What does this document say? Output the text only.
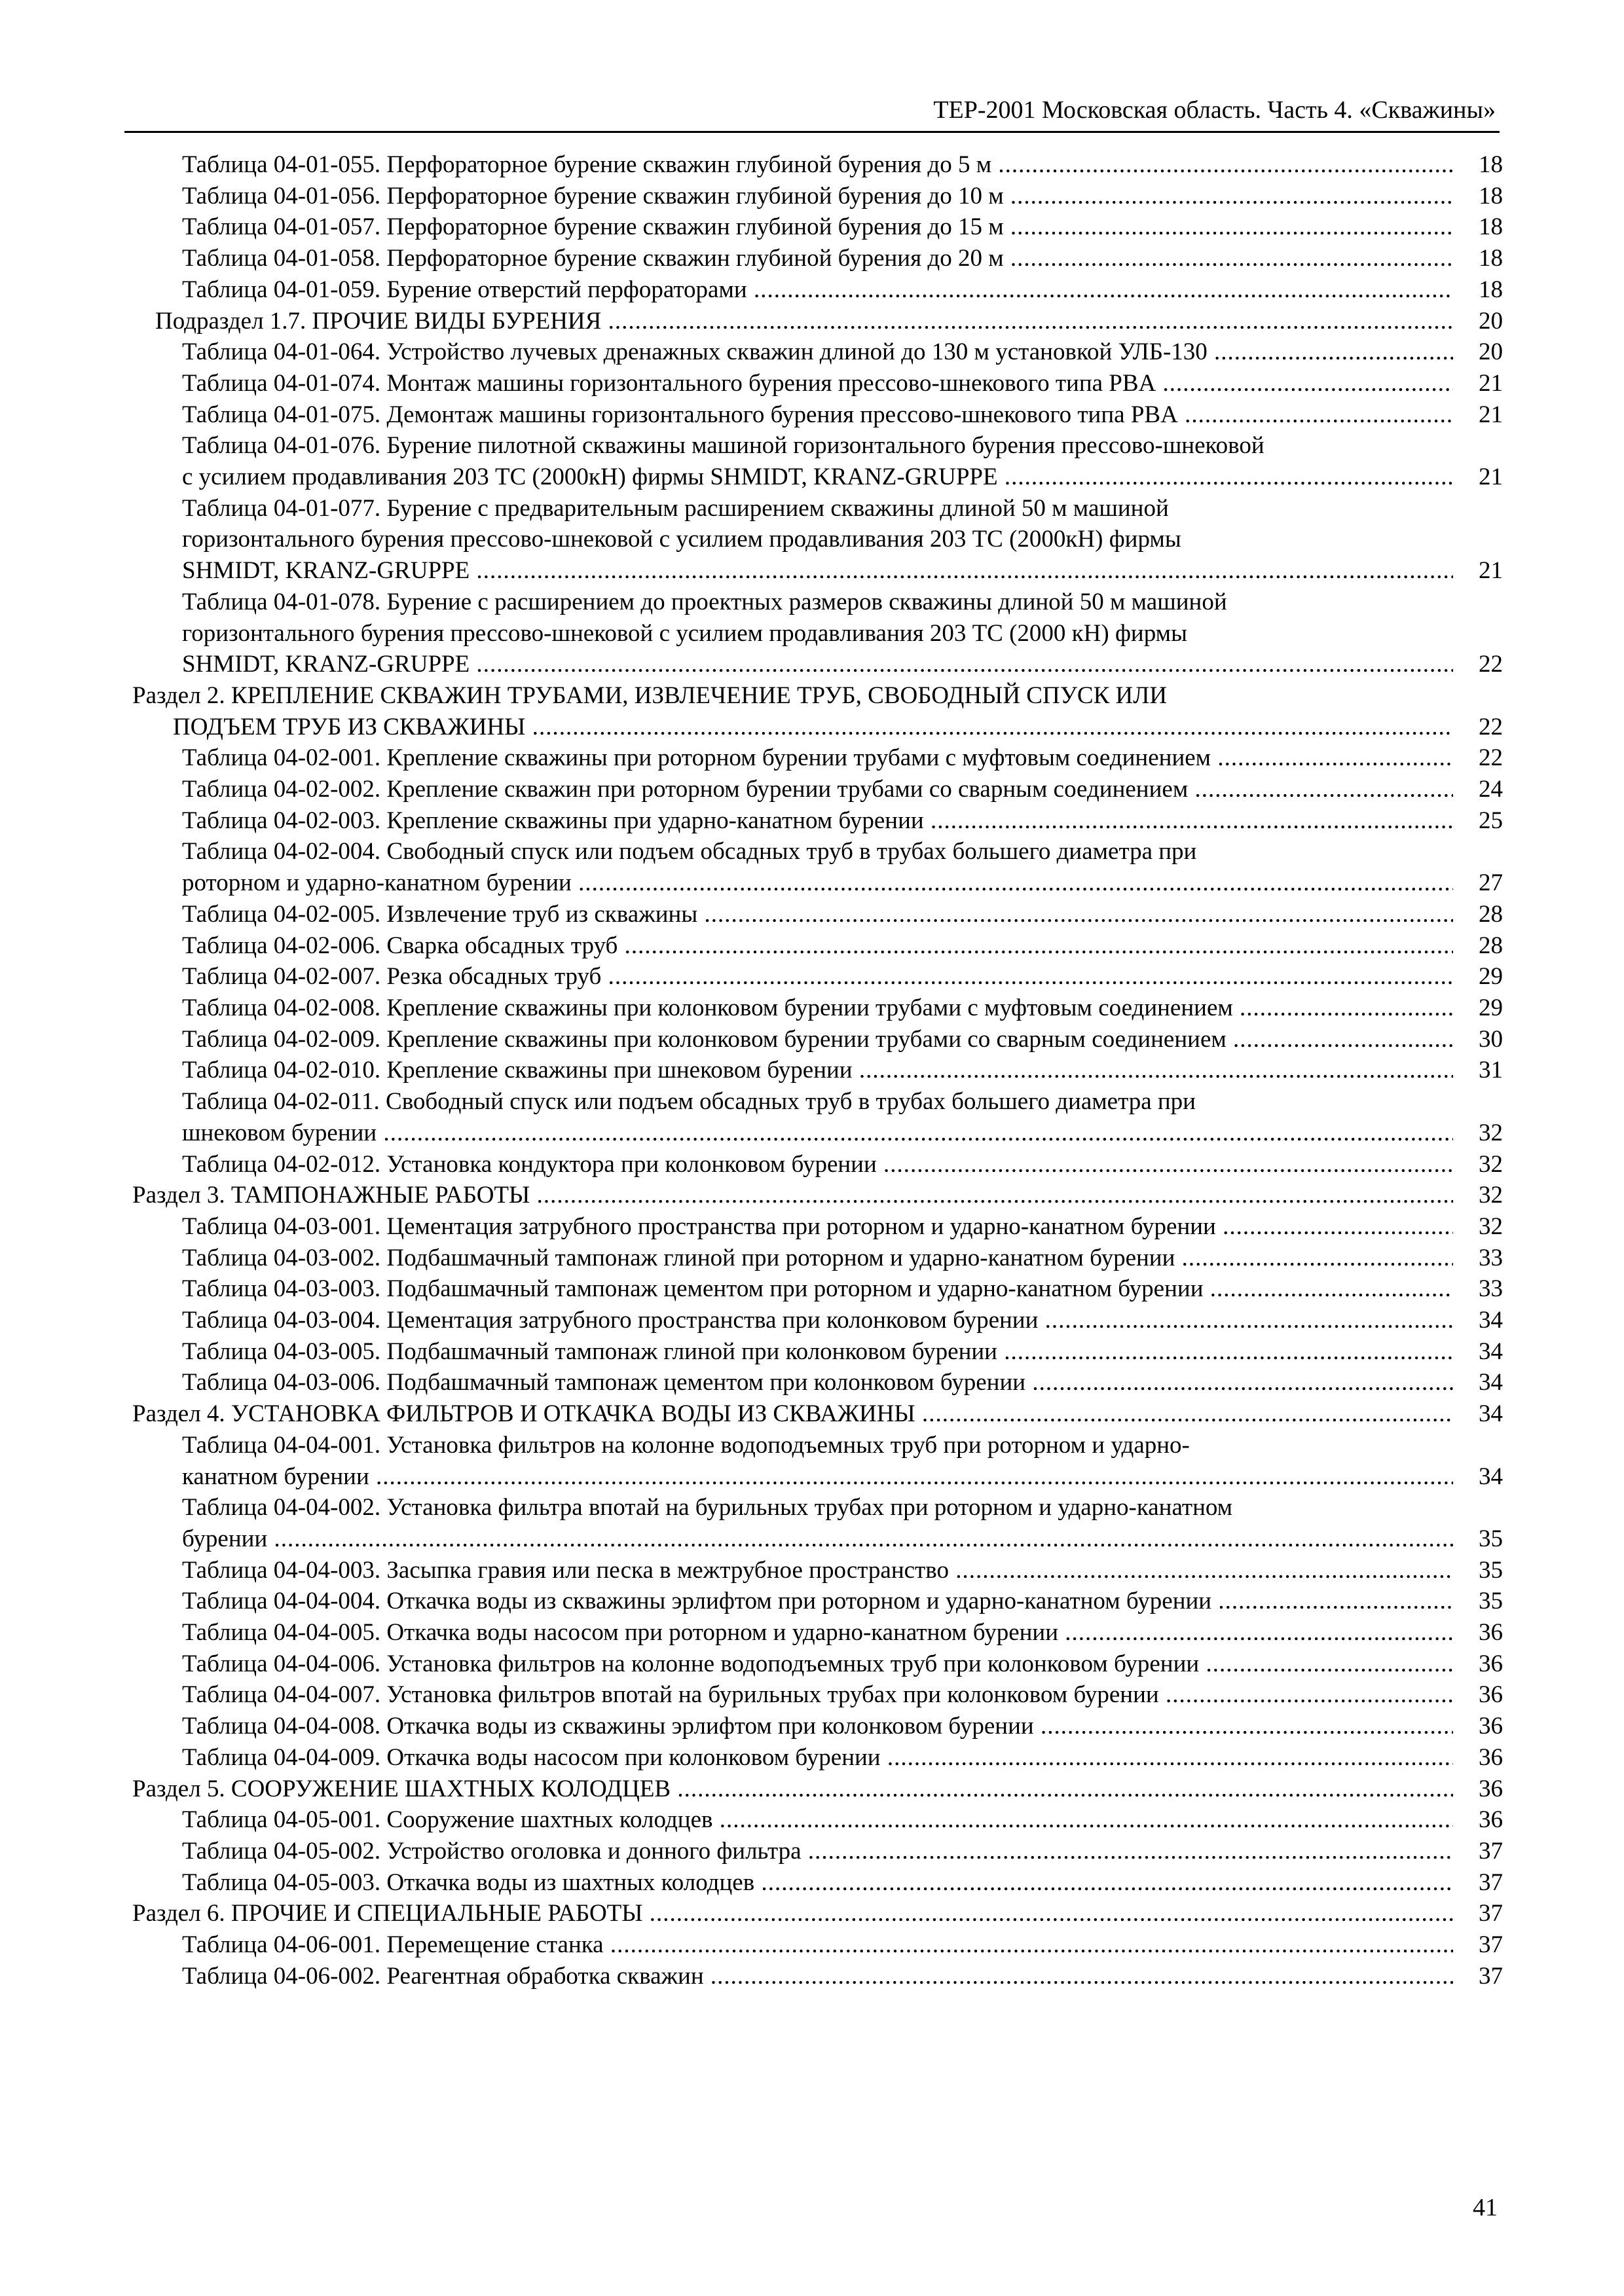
ТЕР-2001 Московская область. Часть 4. «Скважины»
Таблица 04-01-055. Перфораторное бурение скважин глубиной бурения до 5 м .....	18
Таблица 04-01-056. Перфораторное бурение скважин глубиной бурения до 10 м .....	18
Таблица 04-01-057. Перфораторное бурение скважин глубиной бурения до 15 м .....	18
Таблица 04-01-058. Перфораторное бурение скважин глубиной бурения до 20 м .....	18
Таблица 04-01-059. Бурение отверстий перфораторами .....	18
Подраздел 1.7. ПРОЧИЕ ВИДЫ БУРЕНИЯ .....	20
Таблица 04-01-064. Устройство лучевых дренажных скважин длиной до 130 м установкой УЛБ-130 .....	20
Таблица 04-01-074. Монтаж машины горизонтального бурения прессово-шнекового типа PBA .....	21
Таблица 04-01-075. Демонтаж машины горизонтального бурения прессово-шнекового типа PBA .....	21
Таблица 04-01-076. Бурение пилотной скважины машиной горизонтального бурения прессово-шнековой
с усилием продавливания 203 ТС (2000кН) фирмы SHMIDT, KRANZ-GRUPPE .....	21
Таблица 04-01-077. Бурение с предварительным расширением скважины длиной 50 м машиной
горизонтального бурения прессово-шнековой с усилием продавливания 203 ТС (2000кН) фирмы
SHMIDT, KRANZ-GRUPPE .....	21
Таблица 04-01-078. Бурение с расширением до проектных размеров скважины длиной 50 м машиной
горизонтального бурения прессово-шнековой с усилием продавливания 203 ТС (2000 кН) фирмы
SHMIDT, KRANZ-GRUPPE .....	22
Раздел 2. КРЕПЛЕНИЕ СКВАЖИН ТРУБАМИ, ИЗВЛЕЧЕНИЕ ТРУБ, СВОБОДНЫЙ СПУСК ИЛИ
ПОДЪЕМ ТРУБ ИЗ СКВАЖИНЫ .....	22
Таблица 04-02-001. Крепление скважины при роторном бурении трубами с муфтовым соединением .....	22
Таблица 04-02-002. Крепление скважин при роторном бурении трубами со сварным соединением .....	24
Таблица 04-02-003. Крепление скважины при ударно-канатном бурении .....	25
Таблица 04-02-004. Свободный спуск или подъем обсадных труб в трубах большего диаметра при
роторном и ударно-канатном бурении .....	27
Таблица 04-02-005. Извлечение труб из скважины .....	28
Таблица 04-02-006. Сварка обсадных труб .....	28
Таблица 04-02-007. Резка обсадных труб .....	29
Таблица 04-02-008. Крепление скважины при колонковом бурении трубами с муфтовым соединением .....	29
Таблица 04-02-009. Крепление скважины при колонковом бурении трубами со сварным соединением .....	30
Таблица 04-02-010. Крепление скважины при шнековом бурении .....	31
Таблица 04-02-011. Свободный спуск или подъем обсадных труб в трубах большего диаметра при
шнековом бурении .....	32
Таблица 04-02-012. Установка кондуктора при колонковом бурении .....	32
Раздел 3. ТАМПОНАЖНЫЕ РАБОТЫ .....	32
Таблица 04-03-001. Цементация затрубного пространства при роторном и ударно-канатном бурении .....	32
Таблица 04-03-002. Подбашмачный тампонаж глиной при роторном и ударно-канатном бурении .....	33
Таблица 04-03-003. Подбашмачный тампонаж цементом при роторном и ударно-канатном бурении .....	33
Таблица 04-03-004. Цементация затрубного пространства при колонковом бурении .....	34
Таблица 04-03-005. Подбашмачный тампонаж глиной при колонковом бурении .....	34
Таблица 04-03-006. Подбашмачный тампонаж цементом при колонковом бурении .....	34
Раздел 4. УСТАНОВКА ФИЛЬТРОВ И ОТКАЧКА ВОДЫ ИЗ СКВАЖИНЫ .....	34
Таблица 04-04-001. Установка фильтров на колонне водоподъемных труб при роторном и ударно-
канатном бурении .....	34
Таблица 04-04-002. Установка фильтра впотай на бурильных трубах при роторном и ударно-канатном
бурении .....	35
Таблица 04-04-003. Засыпка гравия или песка в межтрубное пространство .....	35
Таблица 04-04-004. Откачка воды из скважины эрлифтом при роторном и ударно-канатном бурении .....	35
Таблица 04-04-005. Откачка воды насосом при роторном и ударно-канатном бурении .....	36
Таблица 04-04-006. Установка фильтров на колонне водоподъемных труб при колонковом бурении .....	36
Таблица 04-04-007. Установка фильтров впотай на бурильных трубах при колонковом бурении .....	36
Таблица 04-04-008. Откачка воды из скважины эрлифтом при колонковом бурении .....	36
Таблица 04-04-009. Откачка воды насосом при колонковом бурении .....	36
Раздел 5. СООРУЖЕНИЕ ШАХТНЫХ КОЛОДЦЕВ .....	36
Таблица 04-05-001. Сооружение шахтных колодцев .....	36
Таблица 04-05-002. Устройство оголовка и донного фильтра .....	37
Таблица 04-05-003. Откачка воды из шахтных колодцев .....	37
Раздел 6. ПРОЧИЕ И СПЕЦИАЛЬНЫЕ РАБОТЫ .....	37
Таблица 04-06-001. Перемещение станка .....	37
Таблица 04-06-002. Реагентная обработка скважин .....	37
41
